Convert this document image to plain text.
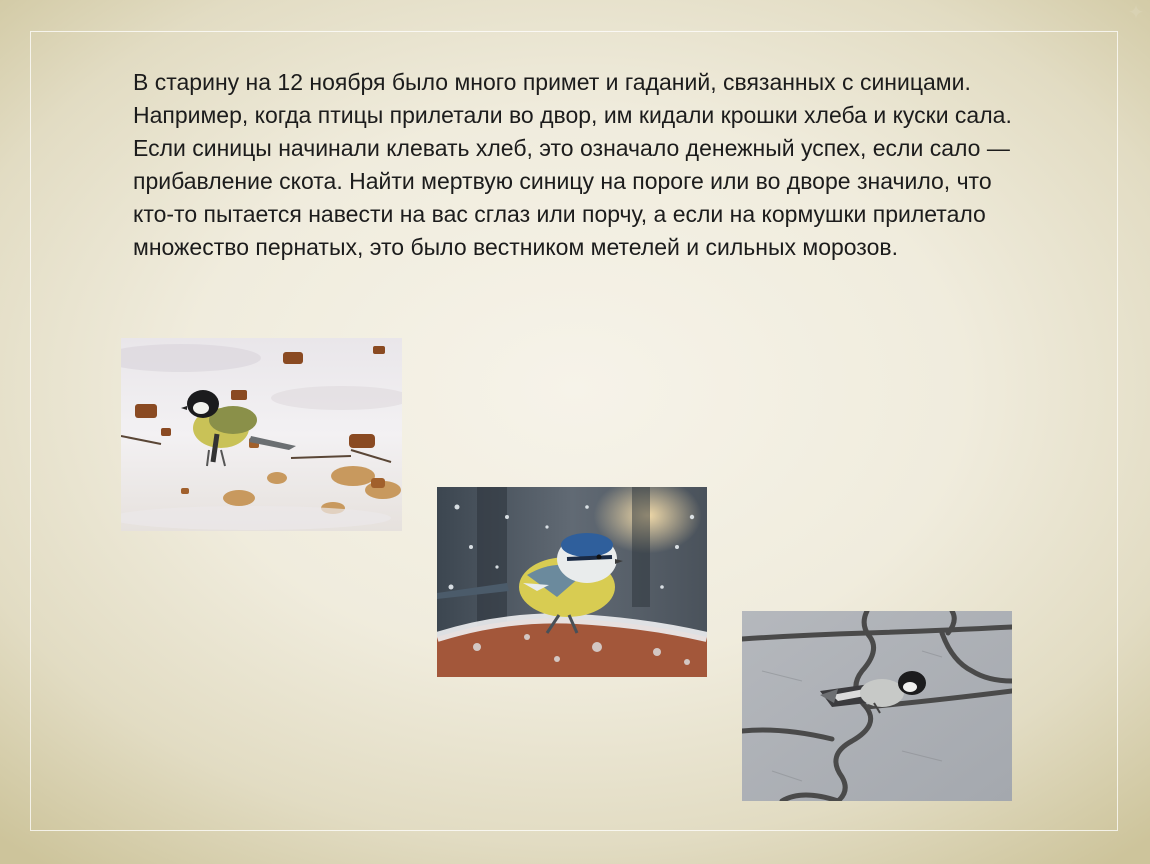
✦

В старину на 12 ноября было много примет и гаданий, связанных с синицами. Например, когда птицы прилетали во двор, им кидали крошки хлеба и куски сала. Если синицы начинали клевать хлеб, это означало денежный успех, если сало — прибавление скота. Найти мертвую синицу на пороге или во дворе значило, что кто-то пытается навести на вас сглаз или порчу, а если на кормушки прилетало множество пернатых, это было вестником метелей и сильных морозов.
